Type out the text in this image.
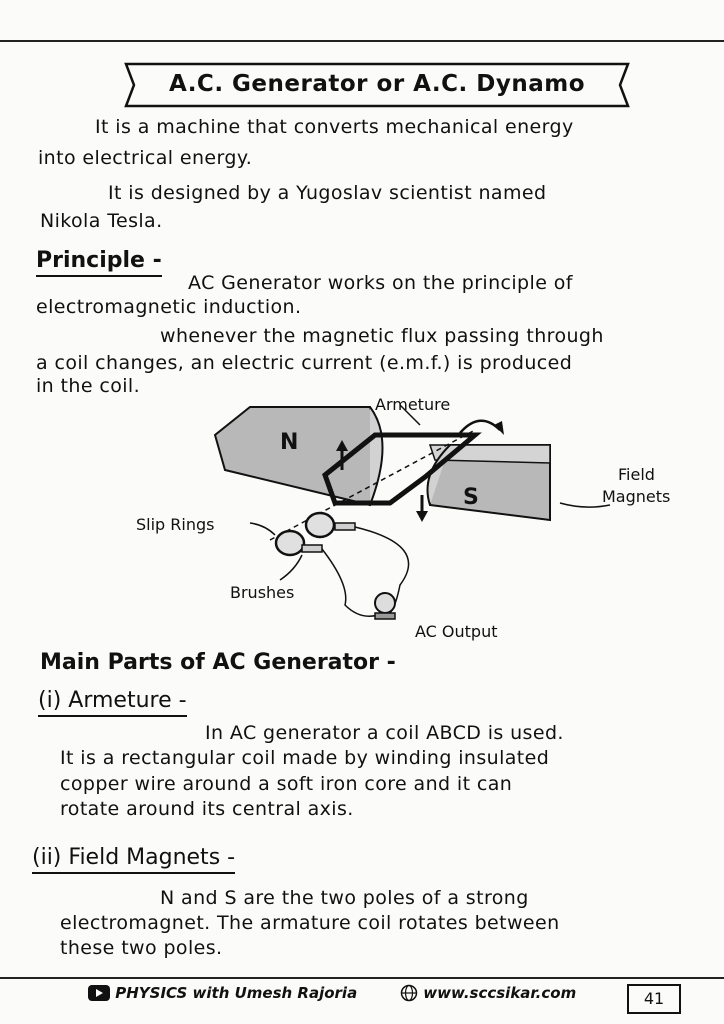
A.C. Generator or A.C. Dynamo
It is a machine that converts mechanical energy
into electrical energy.
It is designed by a Yugoslav scientist named
Nikola Tesla.
Principle -
AC Generator works on the principle of
electromagnetic induction.
whenever the magnetic flux passing through
a coil changes, an electric current (e.m.f.) is produced
in the coil.
N
S
Armeture
Field
Magnets
Slip Rings
Brushes
AC Output
Main Parts of AC Generator -
(i) Armeture -
In AC generator a coil ABCD is used.
It is a rectangular coil made by winding insulated
copper wire around a soft iron core and it can
rotate around its central axis.
(ii) Field Magnets -
N and S are the two poles of a strong
electromagnet. The armature coil rotates between
these two poles.
PHYSICS with Umesh Rajoria	www.sccsikar.com	41
